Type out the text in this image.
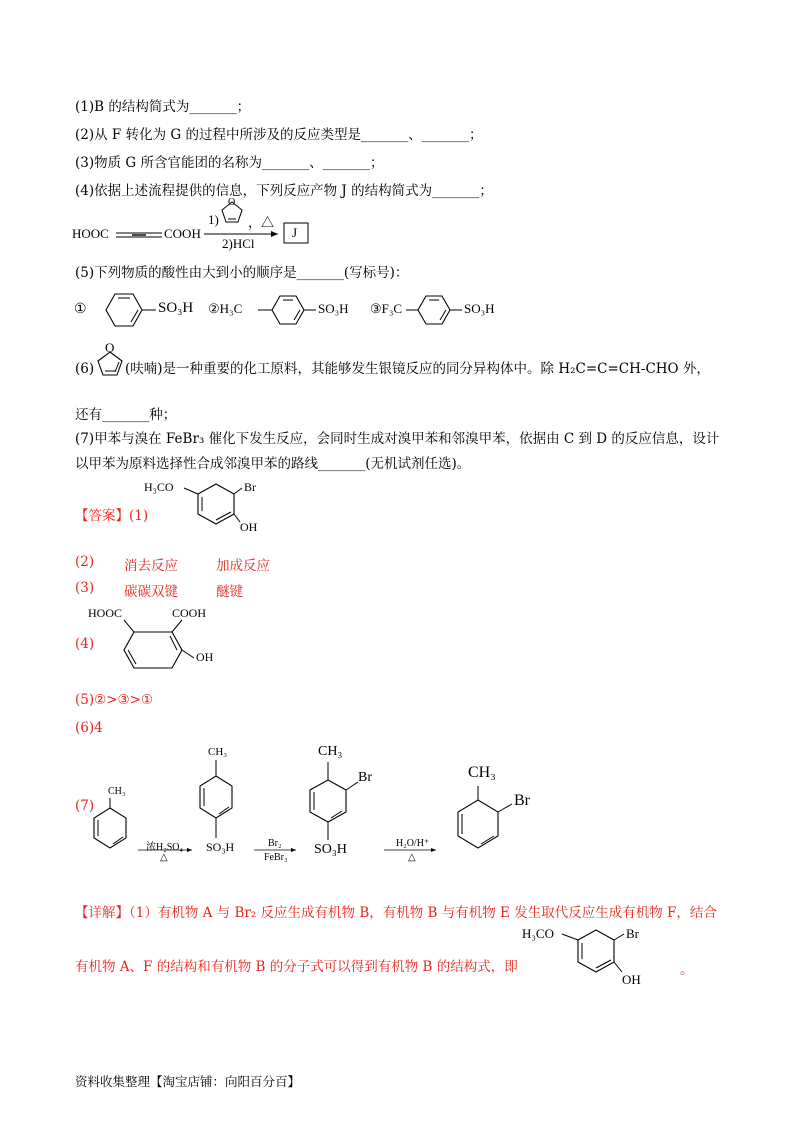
(1)B 的结构简式为_______；
(2)从 F 转化为 G 的过程中所涉及的反应类型是_______、_______；
(3)物质 G 所含官能团的名称为_______、_______；
(4)依据上述流程提供的信息，下列反应产物 J 的结构简式为_______；
HOOC	COOH
O
1) ，△
2)HCl
J
(5)下列物质的酸性由大到小的顺序是_______(写标号)：
①	SO₃H ②H₃C	SO₃H ③F₃C	SO₃H
(6)
O
(呋喃)是一种重要的化工原料，其能够发生银镜反应的同分异构体中。除 H₂C=C=CH-CHO 外，
还有_______种；
(7)甲苯与溴在 FeBr₃ 催化下发生反应，会同时生成对溴甲苯和邻溴甲苯，依据由 C 到 D 的反应信息，设计
以甲苯为原料选择性合成邻溴甲苯的路线_______(无机试剂任选)。
【答案】(1)
H₃CO	Br
OH
(2) 消去反应	加成反应
(3) 碳碳双键	醚键
(4)
HOOC	COOH
OH
(5)②>③>①
(6)4
(7)
CH₃
浓H₂SO₄
△
CH₃
SO₃H	Br₂
FeBr₃
CH₃
Br
SO₃H	H₂O/H⁺
△
CH₃
Br
【详解】（1）有机物 A 与 Br₂ 反应生成有机物 B，有机物 B 与有机物 E 发生取代反应生成有机物 F，结合
有机物 A、F 的结构和有机物 B 的分子式可以得到有机物 B 的结构式，即
H₃CO	Br
OH
。
资料收集整理【淘宝店铺：向阳百分百】
